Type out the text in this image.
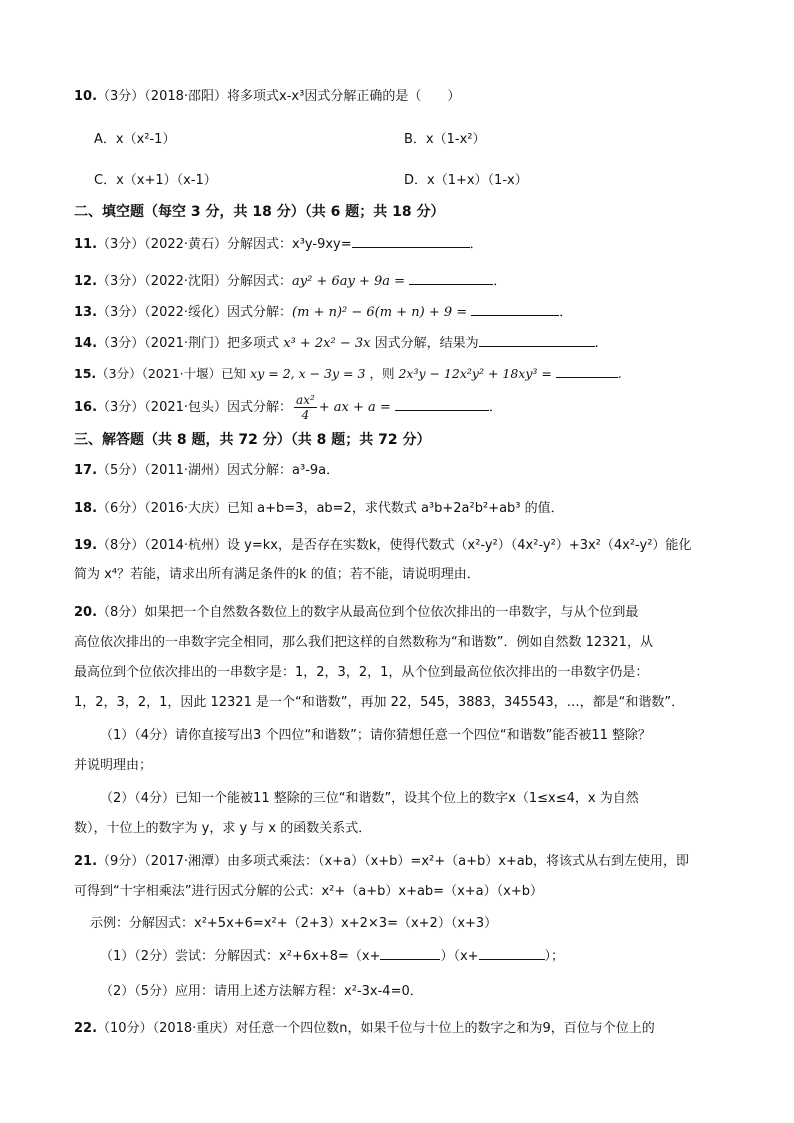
10.（3分）（2018·邵阳）将多项式x-x³因式分解正确的是（　　）
A．x（x²-1）	B．x（1-x²）
C．x（x+1）（x-1）	D．x（1+x）（1-x）
二、填空题（每空 3 分，共 18 分）（共 6 题；共 18 分）
11.（3分）（2022·黄石）分解因式：x³y-9xy=	．
12.（3分）（2022·沈阳）分解因式：ay² + 6ay + 9a =	．
13.（3分）（2022·绥化）因式分解：(m + n)² − 6(m + n) + 9 =	．
14.（3分）（2021·荆门）把多项式 x³ + 2x² − 3x 因式分解，结果为	.
15.（3分）（2021·十堰）已知 xy = 2, x − 3y = 3 ，则 2x³y − 12x²y² + 18xy³ =	.
16.（3分）（2021·包头）因式分解： $\frac{\text{ax²}}{4}$ + ax + a =	．
三、解答题（共 8 题，共 72 分）（共 8 题；共 72 分）
17.（5分）（2011·湖州）因式分解：a³-9a．
18.（6分）（2016·大庆）已知 a+b=3，ab=2，求代数式 a³b+2a²b²+ab³ 的值．
19.（8分）（2014·杭州）设 y=kx，是否存在实数k，使得代数式（x²-y²）（4x²-y²）+3x²（4x²-y²）能化
简为 x⁴？若能，请求出所有满足条件的k 的值；若不能，请说明理由．
20.（8分）如果把一个自然数各数位上的数字从最高位到个位依次排出的一串数字，与从个位到最
高位依次排出的一串数字完全相同，那么我们把这样的自然数称为“和谐数”．例如自然数 12321，从
最高位到个位依次排出的一串数字是：1，2，3，2，1，从个位到最高位依次排出的一串数字仍是：
1，2，3，2，1，因此 12321 是一个“和谐数”，再加 22，545，3883，345543，…，都是“和谐数”．
（1）（4分）请你直接写出3 个四位“和谐数”；请你猜想任意一个四位“和谐数”能否被11 整除？
并说明理由；
（2）（4分）已知一个能被11 整除的三位“和谐数”，设其个位上的数字x（1≤x≤4，x 为自然
数），十位上的数字为 y，求 y 与 x 的函数关系式．
21.（9分）（2017·湘潭）由多项式乘法：（x+a）（x+b）=x²+（a+b）x+ab，将该式从右到左使用，即
可得到“十字相乘法”进行因式分解的公式：x²+（a+b）x+ab=（x+a）（x+b）
示例：分解因式：x²+5x+6=x²+（2+3）x+2×3=（x+2）（x+3）
（1）（2分）尝试：分解因式：x²+6x+8=（x+	）（x+	）；
（2）（5分）应用：请用上述方法解方程：x²-3x-4=0．
22.（10分）（2018·重庆）对任意一个四位数n，如果千位与十位上的数字之和为9，百位与个位上的
